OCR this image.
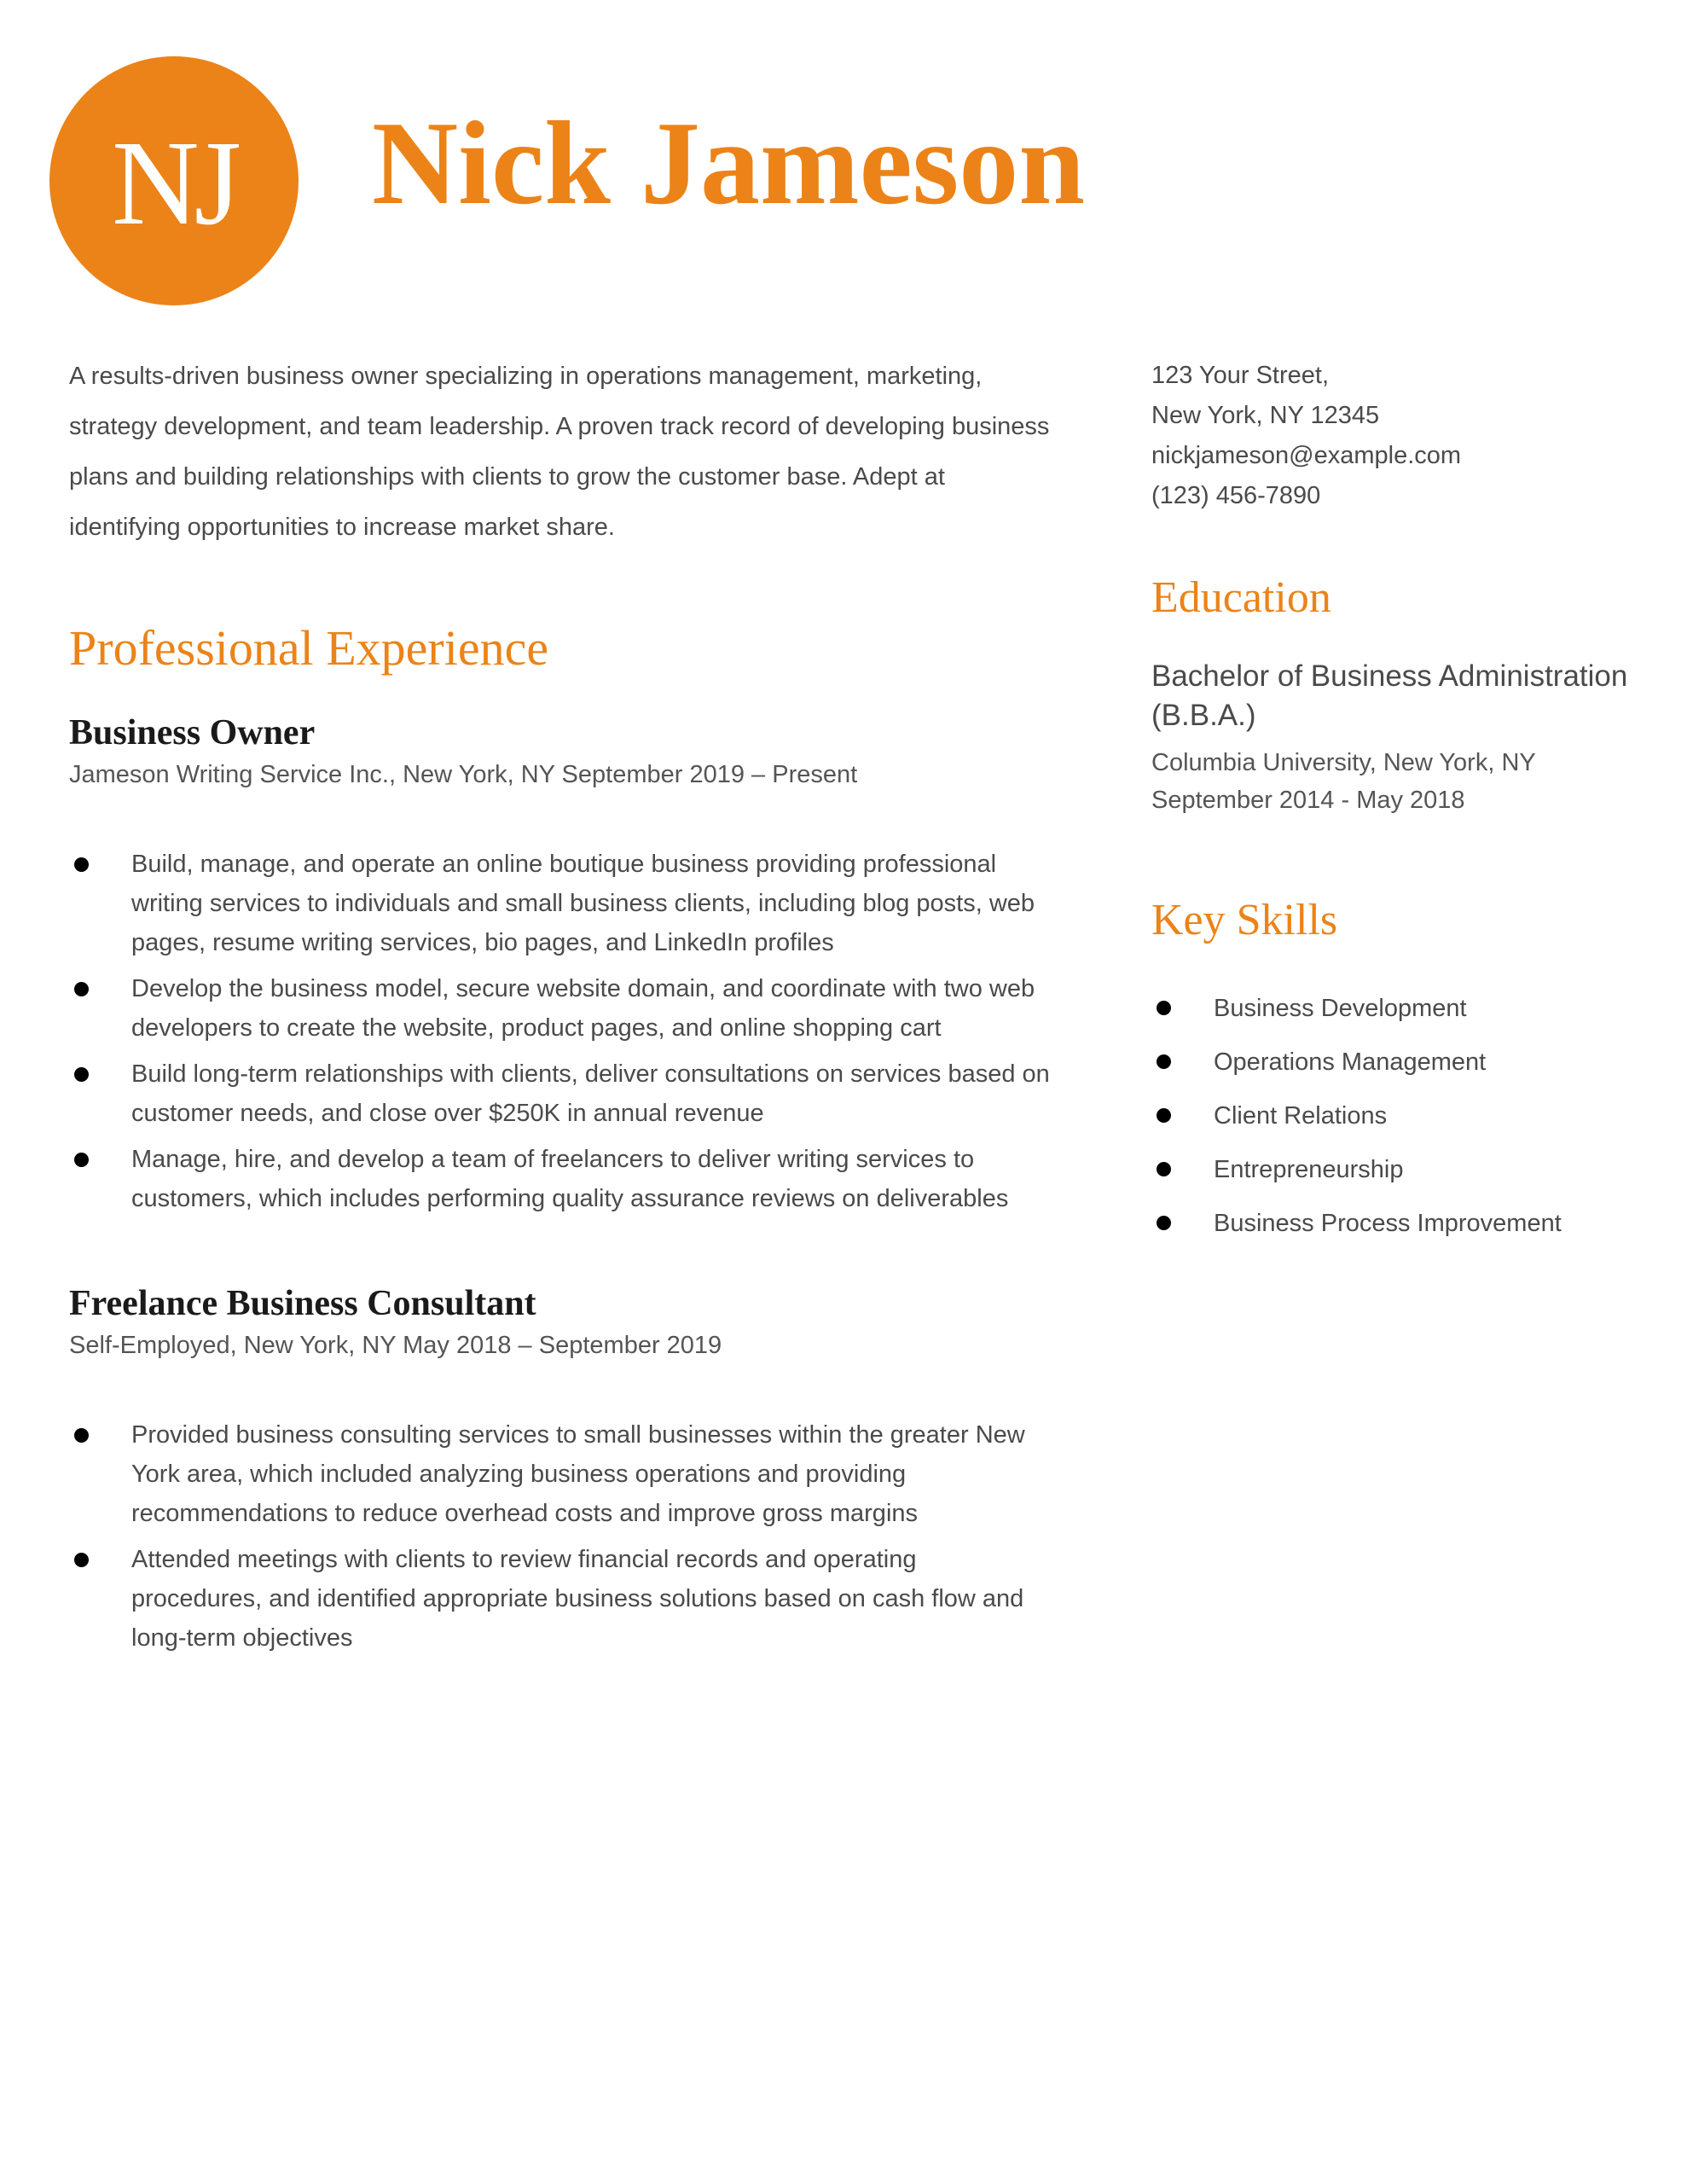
NJ Nick Jameson

A results-driven business owner specializing in operations management, marketing, strategy development, and team leadership. A proven track record of developing business plans and building relationships with clients to grow the customer base. Adept at identifying opportunities to increase market share.

Professional Experience
Business Owner
Jameson Writing Service Inc., New York, NY September 2019 – Present
Build, manage, and operate an online boutique business providing professional writing services to individuals and small business clients, including blog posts, web pages, resume writing services, bio pages, and LinkedIn profiles
Develop the business model, secure website domain, and coordinate with two web developers to create the website, product pages, and online shopping cart
Build long-term relationships with clients, deliver consultations on services based on customer needs, and close over $250K in annual revenue
Manage, hire, and develop a team of freelancers to deliver writing services to customers, which includes performing quality assurance reviews on deliverables
Freelance Business Consultant
Self-Employed, New York, NY May 2018 – September 2019
Provided business consulting services to small businesses within the greater New York area, which included analyzing business operations and providing recommendations to reduce overhead costs and improve gross margins
Attended meetings with clients to review financial records and operating procedures, and identified appropriate business solutions based on cash flow and long-term objectives
123 Your Street,
New York, NY 12345
nickjameson@example.com
(123) 456-7890
Education
Bachelor of Business Administration (B.B.A.)
Columbia University, New York, NY
September 2014 - May 2018
Key Skills
Business Development
Operations Management
Client Relations
Entrepreneurship
Business Process Improvement
